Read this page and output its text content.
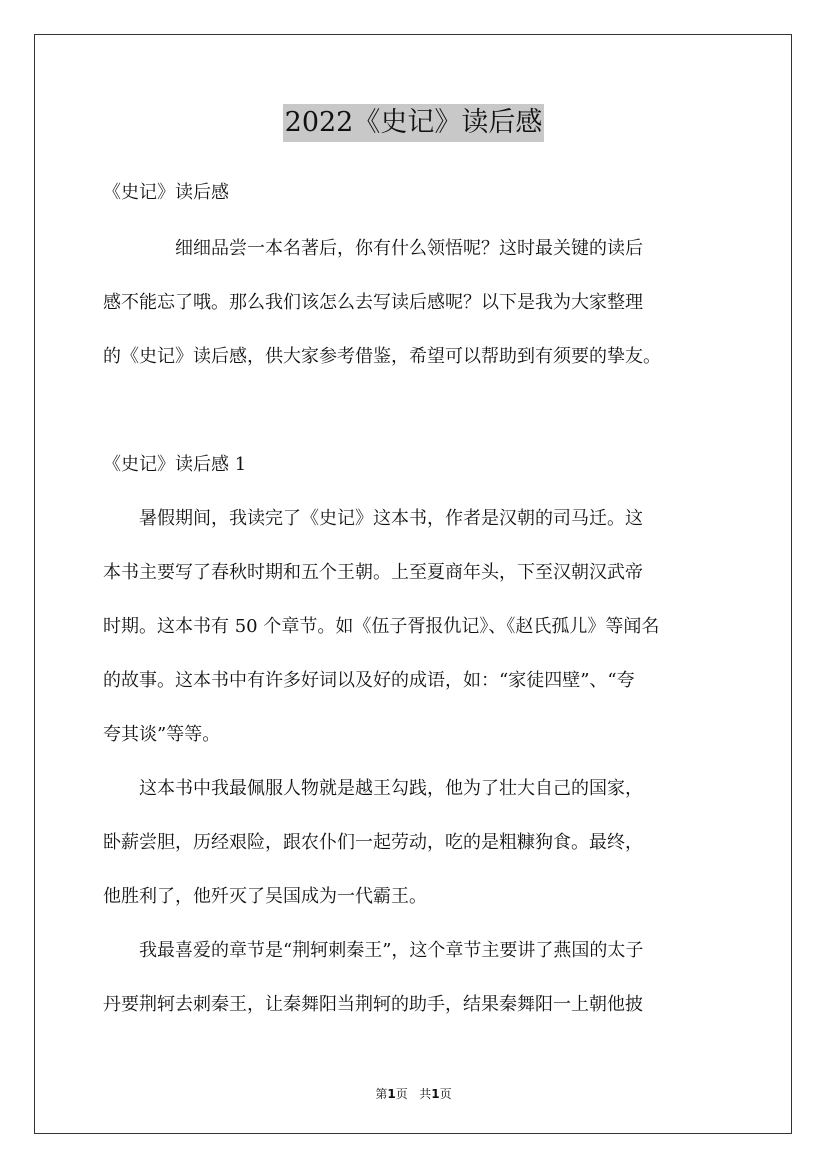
2022《史记》读后感
《史记》读后感
　　　　细细品尝一本名著后，你有什么领悟呢？这时最关键的读后
感不能忘了哦。那么我们该怎么去写读后感呢？以下是我为大家整理
的《史记》读后感，供大家参考借鉴，希望可以帮助到有须要的挚友。
《史记》读后感 1
　　暑假期间，我读完了《史记》这本书，作者是汉朝的司马迁。这
本书主要写了春秋时期和五个王朝。上至夏商年头，下至汉朝汉武帝
时期。这本书有 50 个章节。如《伍子胥报仇记》、《赵氏孤儿》等闻名
的故事。这本书中有许多好词以及好的成语，如：“家徒四壁”、“夸
夸其谈”等等。
　　这本书中我最佩服人物就是越王勾践，他为了壮大自己的国家，
卧薪尝胆，历经艰险，跟农仆们一起劳动，吃的是粗糠狗食。最终，
他胜利了，他歼灭了吴国成为一代霸王。
　　我最喜爱的章节是“荆轲刺秦王”，这个章节主要讲了燕国的太子
丹要荆轲去刺秦王，让秦舞阳当荆轲的助手，结果秦舞阳一上朝他披
第1页   共1页
